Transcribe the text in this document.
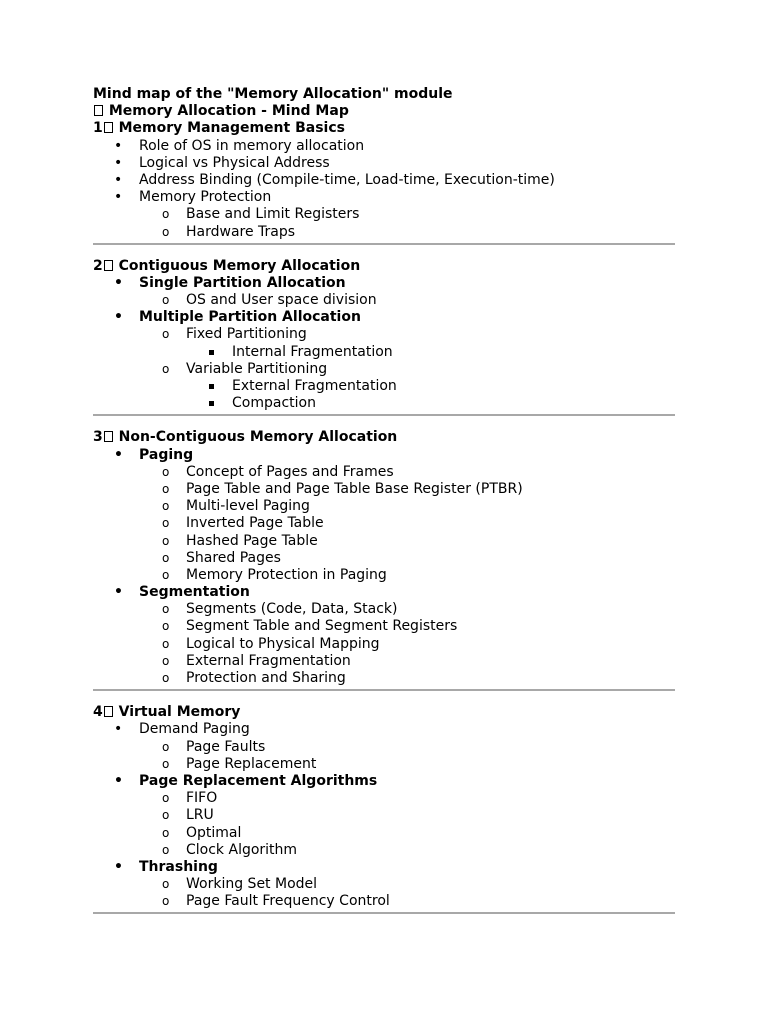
Mind map of the "Memory Allocation" module
Memory Allocation - Mind Map
1 Memory Management Basics
• Role of OS in memory allocation
• Logical vs Physical Address
• Address Binding (Compile-time, Load-time, Execution-time)
• Memory Protection
o Base and Limit Registers
o Hardware Traps
2 Contiguous Memory Allocation
• Single Partition Allocation
o OS and User space division
• Multiple Partition Allocation
o Fixed Partitioning
Internal Fragmentation
o Variable Partitioning
External Fragmentation
Compaction
3 Non-Contiguous Memory Allocation
• Paging
o Concept of Pages and Frames
o Page Table and Page Table Base Register (PTBR)
o Multi-level Paging
o Inverted Page Table
o Hashed Page Table
o Shared Pages
o Memory Protection in Paging
• Segmentation
o Segments (Code, Data, Stack)
o Segment Table and Segment Registers
o Logical to Physical Mapping
o External Fragmentation
o Protection and Sharing
4 Virtual Memory
• Demand Paging
o Page Faults
o Page Replacement
• Page Replacement Algorithms
o FIFO
o LRU
o Optimal
o Clock Algorithm
• Thrashing
o Working Set Model
o Page Fault Frequency Control
